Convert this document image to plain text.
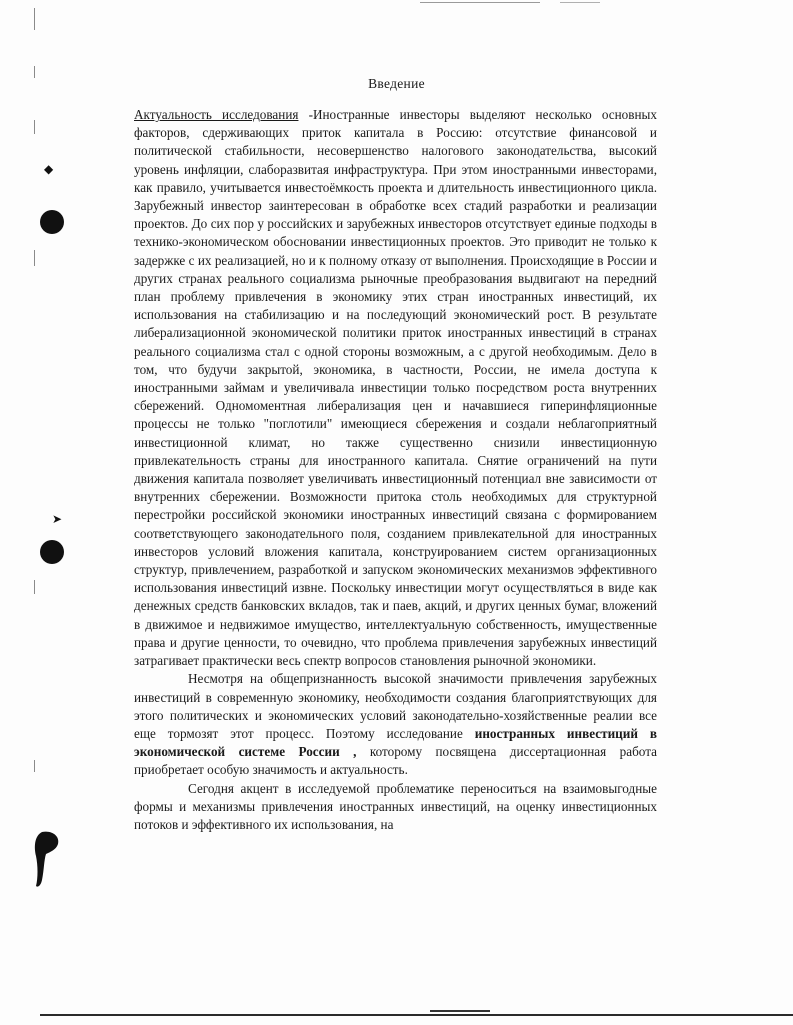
◆
➤
Введение

Актуальность исследования -Иностранные инвесторы выделяют несколько основных факторов, сдерживающих приток капитала в Россию: отсутствие финансовой и политической стабильности, несовершенство налогового законодательства, высокий уровень инфляции, слаборазвитая инфраструктура. При этом иностранными инвесторами, как правило, учитывается инвестоёмкость проекта и длительность инвестиционного цикла. Зарубежный инвестор заинтересован в обработке всех стадий разработки и реализации проектов. До сих пор у российских и зарубежных инвесторов отсутствует единые подходы в технико-экономическом обосновании инвестиционных проектов. Это приводит не только к задержке с их реализацией, но и к полному отказу от выполнения. Происходящие в России и других странах реального социализма рыночные преобразования выдвигают на передний план проблему привлечения в экономику этих стран иностранных инвестиций, их использования на стабилизацию и на последующий экономический рост. В результате либерализационной экономической политики приток иностранных инвестиций в странах реального социализма стал с одной стороны возможным, а с другой необходимым. Дело в том, что будучи закрытой, экономика, в частности, России, не имела доступа к иностранными займам и увеличивала инвестиции только посредством роста внутренних сбережений. Одномоментная либерализация цен и начавшиеся гиперинфляционные процессы не только "поглотили" имеющиеся сбережения и создали неблагоприятный инвестиционной климат, но также существенно снизили инвестиционную привлекательность страны для иностранного капитала. Снятие ограничений на пути движения капитала позволяет увеличивать инвестиционный потенциал вне зависимости от внутренних сбережении. Возможности притока столь необходимых для структурной перестройки российской экономики иностранных инвестиций связана с формированием соответствующего законодательного поля, созданием привлекательной для иностранных инвесторов условий вложения капитала, конструированием систем организационных структур, привлечением, разработкой и запуском экономических механизмов эффективного использования инвестиций извне. Поскольку инвестиции могут осуществляться в виде как денежных средств банковских вкладов, так и паев, акций, и других ценных бумаг, вложений в движимое и недвижимое имущество, интеллектуальную собственность, имущественные права и другие ценности, то очевидно, что проблема привлечения зарубежных инвестиций затрагивает практически весь спектр вопросов становления рыночной экономики.

Несмотря на общепризнанность высокой значимости привлечения зарубежных инвестиций в современную экономику, необходимости создания благоприятствующих для этого политических и экономических условий законодательно-хозяйственные реалии все еще тормозят этот процесс. Поэтому исследование иностранных инвестиций в экономической системе России , которому посвящена диссертационная работа приобретает особую значимость и актуальность.

Сегодня акцент в исследуемой проблематике переноситься на взаимовыгодные формы и механизмы привлечения иностранных инвестиций, на оценку инвестиционных потоков и эффективного их использования, на
